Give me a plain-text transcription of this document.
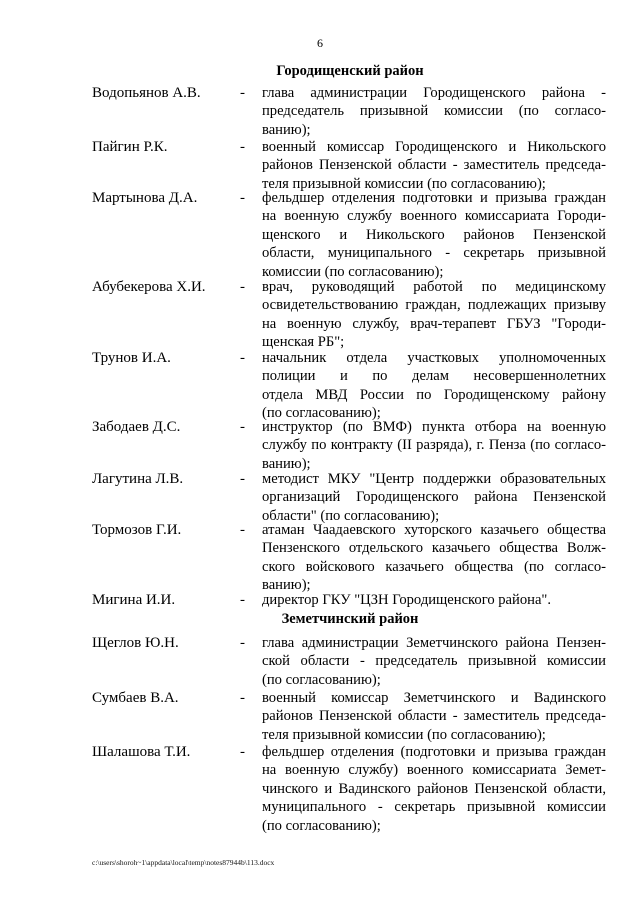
6
Городищенский район
Водопьянов А.В.	- глава администрации Городищенского района -
председатель призывной комиссии (по согласо-
ванию);
Пайгин Р.К.	- военный комиссар Городищенского и Никольского
районов Пензенской области - заместитель председа-
теля призывной комиссии (по согласованию);
Мартынова Д.А.	- фельдшер отделения подготовки и призыва граждан
на военную службу военного комиссариата Городи-
щенского и Никольского районов Пензенской
области, муниципального - секретарь призывной
комиссии (по согласованию);
Абубекерова Х.И. - врач, руководящий работой по медицинскому
освидетельствованию граждан, подлежащих призыву
на военную службу, врач-терапевт ГБУЗ "Городи-
щенская РБ";
Трунов И.А.	- начальник отдела участковых уполномоченных
полиции и по делам несовершеннолетних
отдела МВД России по Городищенскому району
(по согласованию);
Забодаев Д.С.	- инструктор (по ВМФ) пункта отбора на военную
службу по контракту (II разряда), г. Пенза (по согласо-
ванию);
Лагутина Л.В.	- методист МКУ "Центр поддержки образовательных
организаций Городищенского района Пензенской
области" (по согласованию);
Тормозов Г.И.	- атаман Чаадаевского хуторского казачьего общества
Пензенского отдельского казачьего общества Волж-
ского войскового казачьего общества (по согласо-
ванию);
Мигина И.И.	- директор ГКУ "ЦЗН Городищенского района".
Земетчинский район
Щеглов Ю.Н.	- глава администрации Земетчинского района Пензен-
ской области - председатель призывной комиссии
(по согласованию);
Сумбаев В.А.	- военный комиссар Земетчинского и Вадинского
районов Пензенской области - заместитель председа-
теля призывной комиссии (по согласованию);
Шалашова Т.И.	- фельдшер отделения (подготовки и призыва граждан
на военную службу) военного комиссариата Земет-
чинского и Вадинского районов Пензенской области,
муниципального - секретарь призывной комиссии
(по согласованию);
c:\users\shoroh~1\appdata\local\temp\notes87944b\113.docx
